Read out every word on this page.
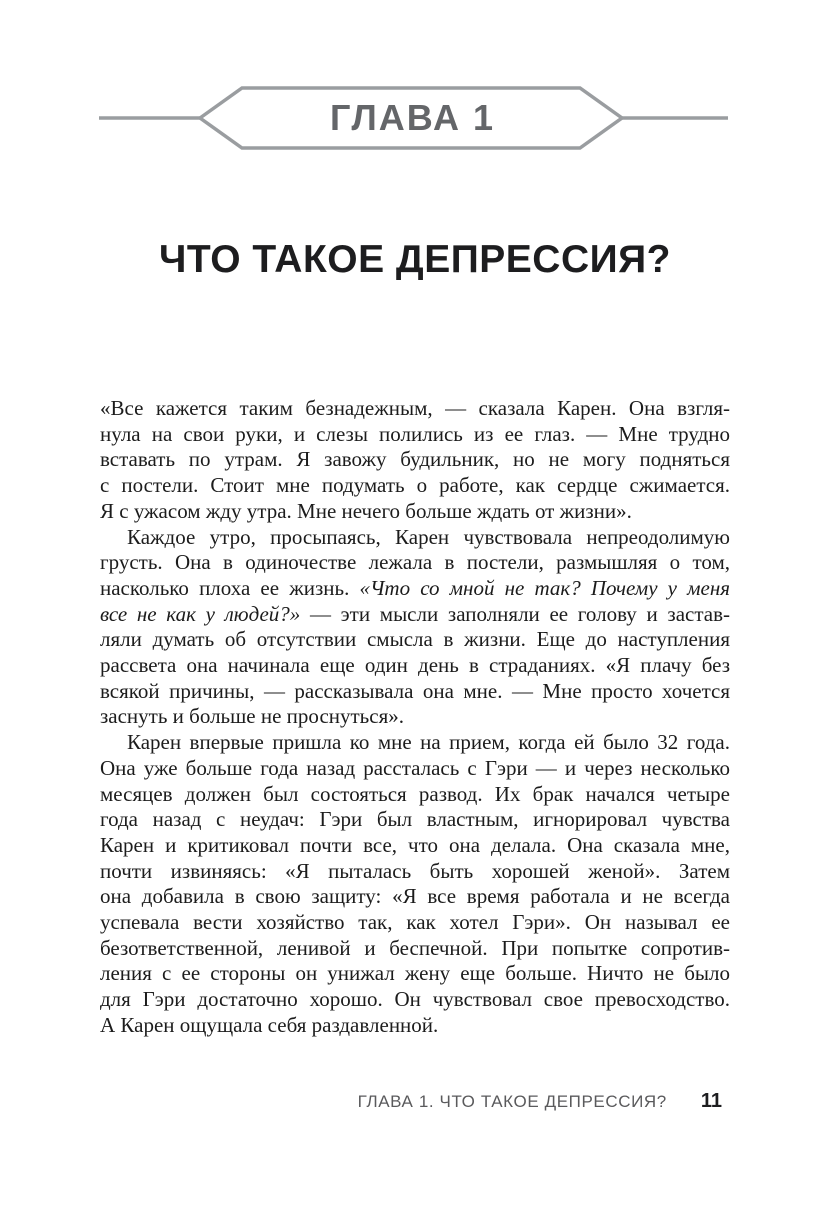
ГЛАВА 1
ЧТО ТАКОЕ ДЕПРЕССИЯ?
«Все кажется таким безнадежным, — сказала Карен. Она взгля-
нула на свои руки, и слезы полились из ее глаз. — Мне трудно
вставать по утрам. Я завожу будильник, но не могу подняться
с постели. Стоит мне подумать о работе, как сердце сжимается.
Я с ужасом жду утра. Мне нечего больше ждать от жизни».
Каждое утро, просыпаясь, Карен чувствовала непреодолимую
грусть. Она в одиночестве лежала в постели, размышляя о том,
насколько плоха ее жизнь. «Что со мной не так? Почему у меня
все не как у людей?» — эти мысли заполняли ее голову и застав-
ляли думать об отсутствии смысла в жизни. Еще до наступления
рассвета она начинала еще один день в страданиях. «Я плачу без
всякой причины, — рассказывала она мне. — Мне просто хочется
заснуть и больше не проснуться».
Карен впервые пришла ко мне на прием, когда ей было 32 года.
Она уже больше года назад рассталась с Гэри — и через несколько
месяцев должен был состояться развод. Их брак начался четыре
года назад с неудач: Гэри был властным, игнорировал чувства
Карен и критиковал почти все, что она делала. Она сказала мне,
почти извиняясь: «Я пыталась быть хорошей женой». Затем
она добавила в свою защиту: «Я все время работала и не всегда
успевала вести хозяйство так, как хотел Гэри». Он называл ее
безответственной, ленивой и беспечной. При попытке сопротив-
ления с ее стороны он унижал жену еще больше. Ничто не было
для Гэри достаточно хорошо. Он чувствовал свое превосходство.
А Карен ощущала себя раздавленной.
ГЛАВА 1. ЧТО ТАКОЕ ДЕПРЕССИЯ? 11
